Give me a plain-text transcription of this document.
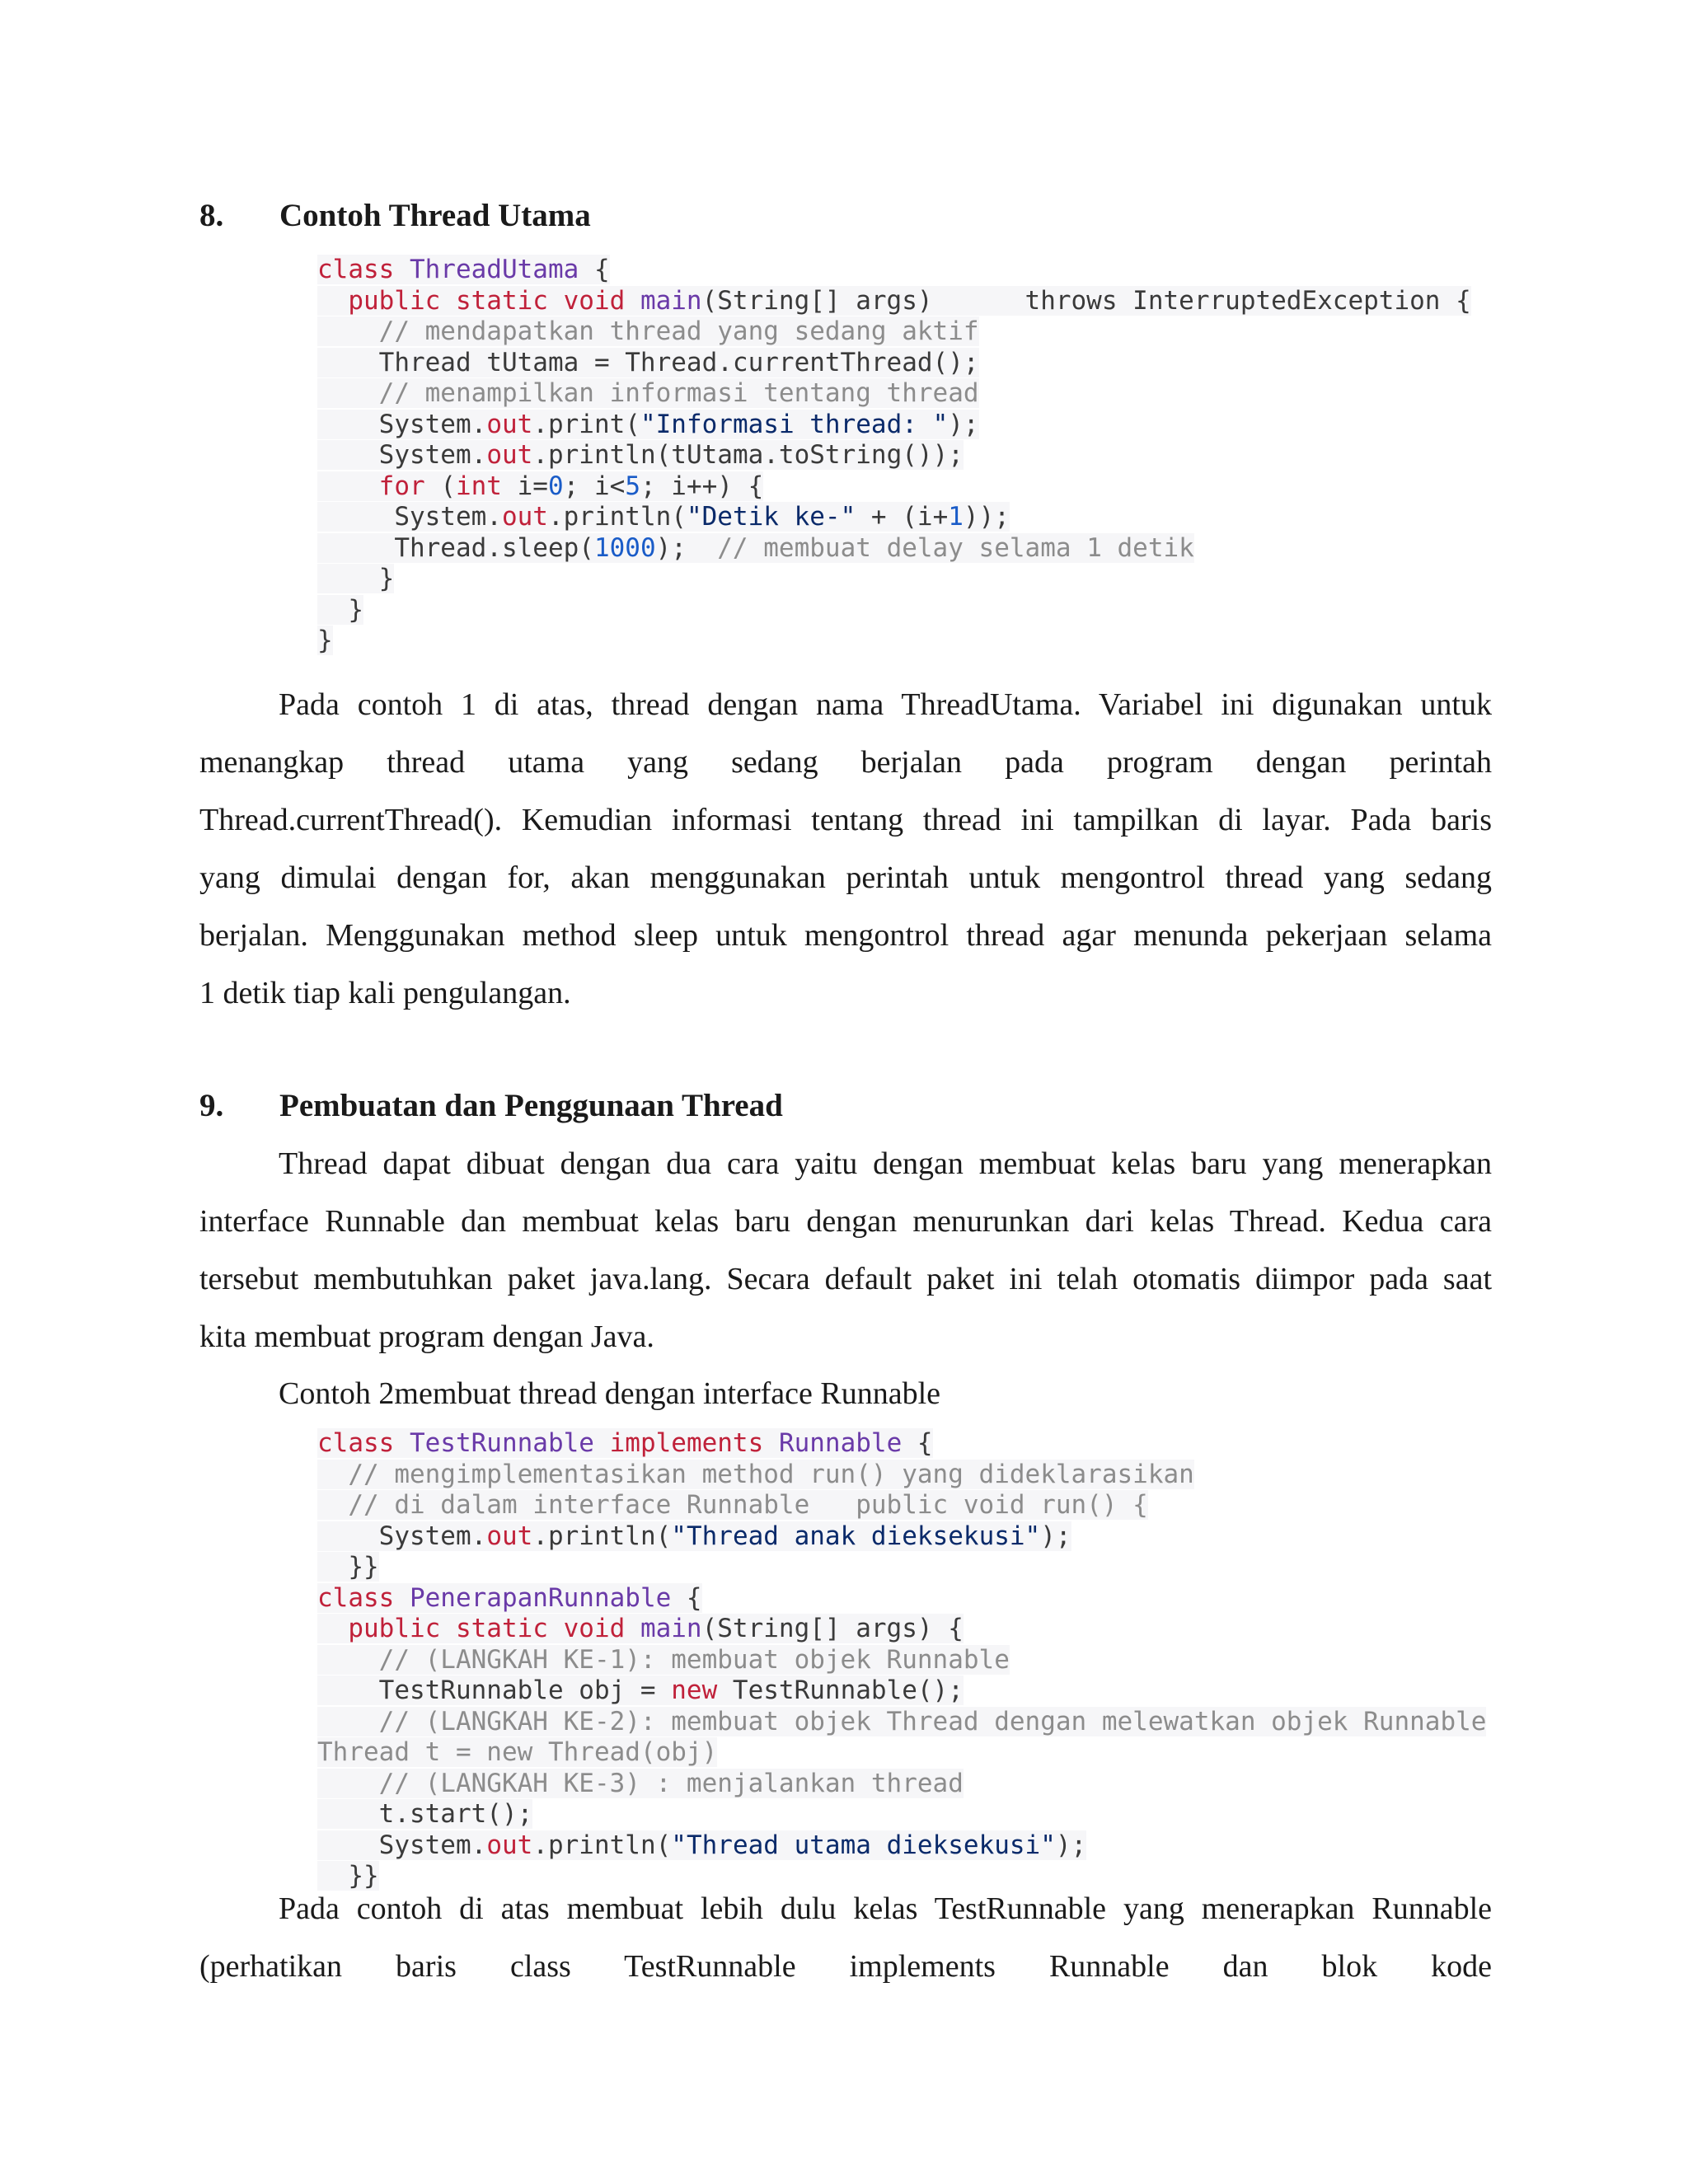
8. Contoh Thread Utama
class ThreadUtama {
public static void main(String[] args)      throws InterruptedException {
// mendapatkan thread yang sedang aktif
Thread tUtama = Thread.currentThread();
// menampilkan informasi tentang thread
System.out.print("Informasi thread: ");
System.out.println(tUtama.toString());
for (int i=0; i<5; i++) {
System.out.println("Detik ke-" + (i+1));
Thread.sleep(1000);  // membuat delay selama 1 detik
}
}
}
Pada contoh 1 di atas, thread dengan nama ThreadUtama. Variabel ini digunakan untuk
menangkap thread utama yang sedang berjalan pada program dengan perintah
Thread.currentThread(). Kemudian informasi tentang thread ini tampilkan di layar. Pada baris
yang dimulai dengan for, akan menggunakan perintah untuk mengontrol thread yang sedang
berjalan. Menggunakan method sleep untuk mengontrol thread agar menunda pekerjaan selama
1 detik tiap kali pengulangan.
9. Pembuatan dan Penggunaan Thread
Thread dapat dibuat dengan dua cara yaitu dengan membuat kelas baru yang menerapkan
interface Runnable dan membuat kelas baru dengan menurunkan dari kelas Thread. Kedua cara
tersebut membutuhkan paket java.lang. Secara default paket ini telah otomatis diimpor pada saat
kita membuat program dengan Java.
Contoh 2membuat thread dengan interface Runnable
class TestRunnable implements Runnable {
// mengimplementasikan method run() yang dideklarasikan
// di dalam interface Runnable   public void run() {
System.out.println("Thread anak dieksekusi");
}}
class PenerapanRunnable {
public static void main(String[] args) {
// (LANGKAH KE-1): membuat objek Runnable
TestRunnable obj = new TestRunnable();
// (LANGKAH KE-2): membuat objek Thread dengan melewatkan objek Runnable
Thread t = new Thread(obj)
// (LANGKAH KE-3) : menjalankan thread
t.start();
System.out.println("Thread utama dieksekusi");
}}
Pada contoh di atas membuat lebih dulu kelas TestRunnable yang menerapkan Runnable
(perhatikan baris class TestRunnable implements Runnable dan blok kode
